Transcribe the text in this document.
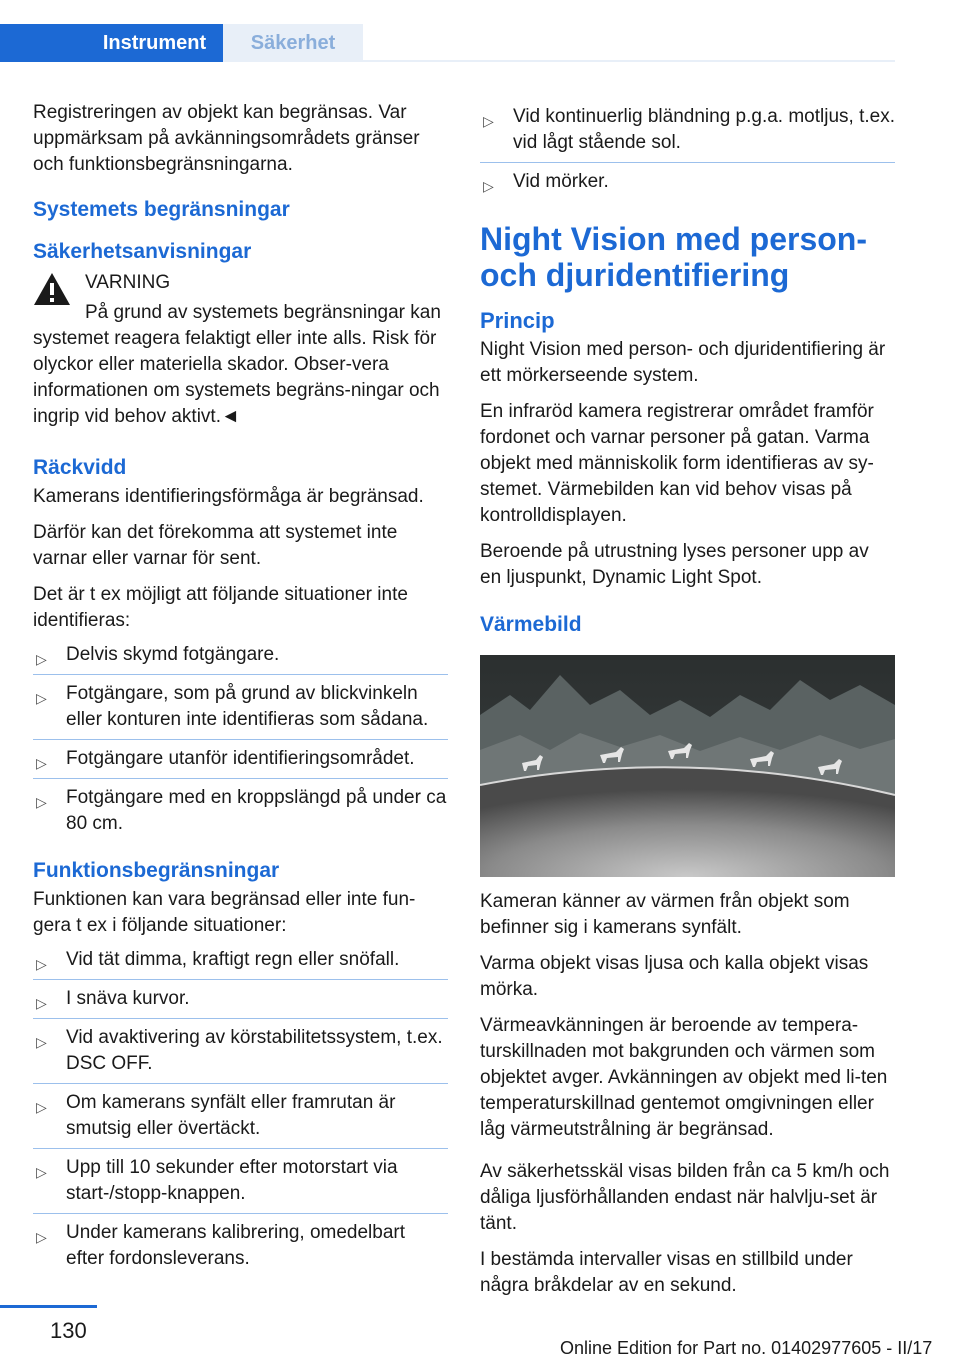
Instrument	Säkerhet

Registreringen av objekt kan begränsas. Var uppmärksam på avkänningsområdets gränser och funktionsbegränsningarna.

Systemets begränsningar

Säkerhetsanvisningar

VARNING

På grund av systemets begränsningar kan systemet reagera felaktigt eller inte alls. Risk för olyckor eller materiella skador. Obser-vera informationen om systemets begräns-ningar och ingrip vid behov aktivt.◄

Räckvidd

Kamerans identifieringsförmåga är begränsad.

Därför kan det förekomma att systemet inte varnar eller varnar för sent.

Det är t ex möjligt att följande situationer inte identifieras:

▷ Delvis skymd fotgängare.
▷ Fotgängare, som på grund av blickvinkeln eller konturen inte identifieras som sådana.
▷ Fotgängare utanför identifieringsområdet.
▷ Fotgängare med en kroppslängd på under ca 80 cm.

Funktionsbegränsningar

Funktionen kan vara begränsad eller inte fun-gera t ex i följande situationer:

▷ Vid tät dimma, kraftigt regn eller snöfall.
▷ I snäva kurvor.
▷ Vid avaktivering av körstabilitetssystem, t.ex. DSC OFF.
▷ Om kamerans synfält eller framrutan är smutsig eller övertäckt.
▷ Upp till 10 sekunder efter motorstart via start-/stopp-knappen.
▷ Under kamerans kalibrering, omedelbart efter fordonsleverans.
▷ Vid kontinuerlig bländning p.g.a. motljus, t.ex. vid lågt stående sol.
▷ Vid mörker.

Night Vision med person- och djuridentifiering

Princip

Night Vision med person- och djuridentifiering är ett mörkerseende system.

En infraröd kamera registrerar området framför fordonet och varnar personer på gatan. Varma objekt med människolik form identifieras av sy-stemet. Värmebilden kan vid behov visas på kontrolldisplayen.

Beroende på utrustning lyses personer upp av en ljuspunkt, Dynamic Light Spot.

Värmebild

Kameran känner av värmen från objekt som befinner sig i kamerans synfält.

Varma objekt visas ljusa och kalla objekt visas mörka.

Värmeavkänningen är beroende av tempera-turskillnaden mot bakgrunden och värmen som objektet avger. Avkänningen av objekt med li-ten temperaturskillnad gentemot omgivningen eller låg värmeutstrålning är begränsad.

Av säkerhetsskäl visas bilden från ca 5 km/h och dåliga ljusförhållanden endast när halvlju-set är tänt.

I bestämda intervaller visas en stillbild under några bråkdelar av en sekund.

130
Online Edition for Part no. 01402977605 - II/17
